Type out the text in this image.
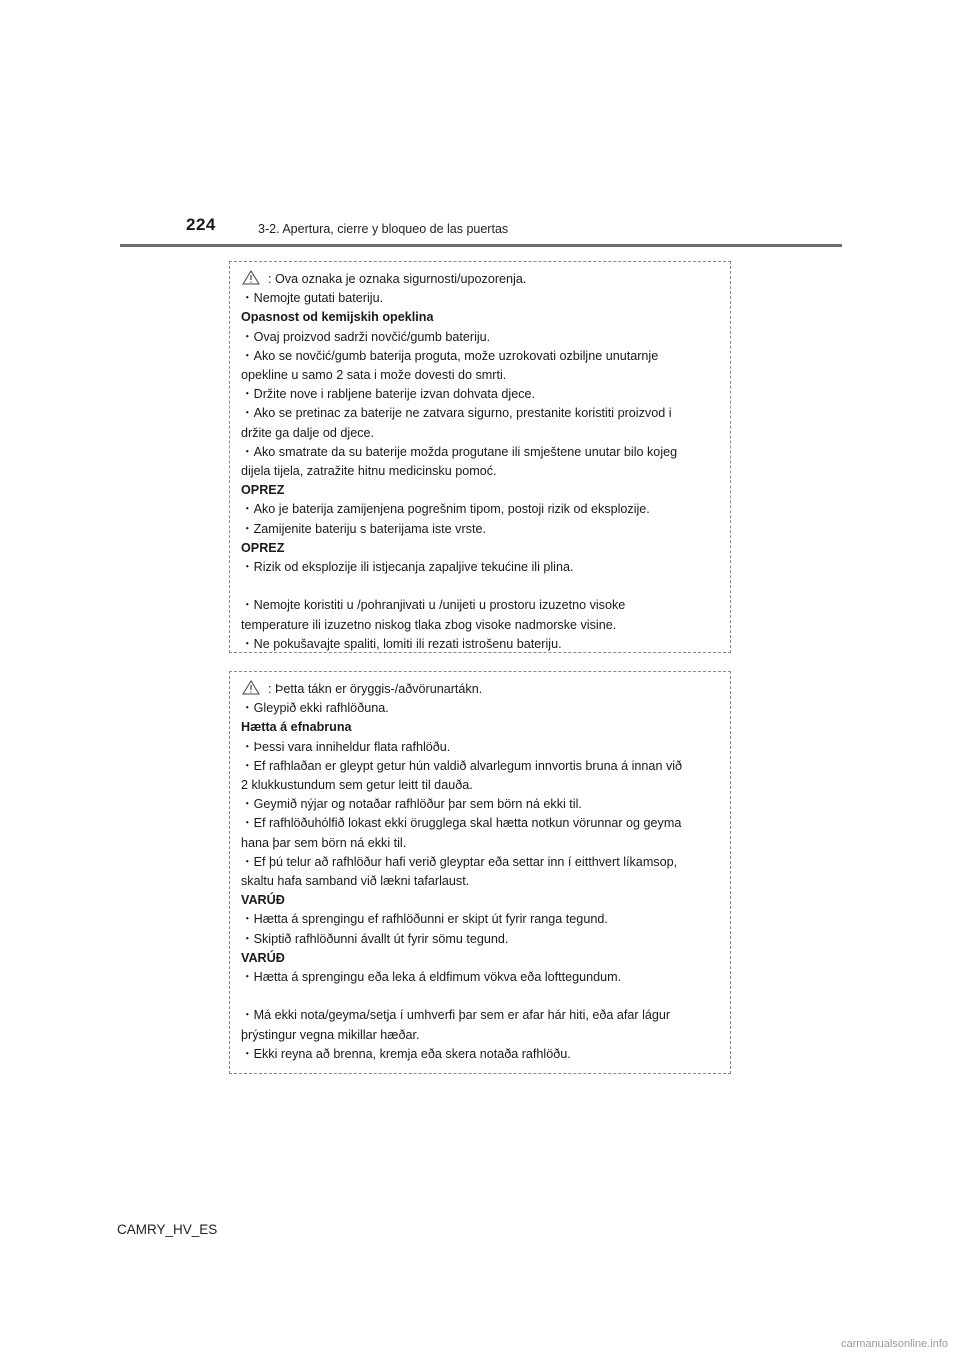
224	3-2. Apertura, cierre y bloqueo de las puertas
: Ova oznaka je oznaka sigurnosti/upozorenja.
・Nemojte gutati bateriju.
Opasnost od kemijskih opeklina
・Ovaj proizvod sadrži novčić/gumb bateriju.
・Ako se novčić/gumb baterija proguta, može uzrokovati ozbiljne unutarnje
opekline u samo 2 sata i može dovesti do smrti.
・Držite nove i rabljene baterije izvan dohvata djece.
・Ako se pretinac za baterije ne zatvara sigurno, prestanite koristiti proizvod i
držite ga dalje od djece.
・Ako smatrate da su baterije možda progutane ili smještene unutar bilo kojeg
dijela tijela, zatražite hitnu medicinsku pomoć.
OPREZ
・Ako je baterija zamijenjena pogrešnim tipom, postoji rizik od eksplozije.
・Zamijenite bateriju s baterijama iste vrste.
OPREZ
・Rizik od eksplozije ili istjecanja zapaljive tekućine ili plina.
・Nemojte koristiti u /pohranjivati u /unijeti u prostoru izuzetno visoke
temperature ili izuzetno niskog tlaka zbog visoke nadmorske visine.
・Ne pokušavajte spaliti, lomiti ili rezati istrošenu bateriju.
: Þetta tákn er öryggis-/aðvörunartákn.
・Gleypið ekki rafhlöðuna.
Hætta á efnabruna
・Þessi vara inniheldur flata rafhlöðu.
・Ef rafhlaðan er gleypt getur hún valdið alvarlegum innvortis bruna á innan við
2 klukkustundum sem getur leitt til dauða.
・Geymið nýjar og notaðar rafhlöður þar sem börn ná ekki til.
・Ef rafhlöðuhólfið lokast ekki örugglega skal hætta notkun vörunnar og geyma
hana þar sem börn ná ekki til.
・Ef þú telur að rafhlöður hafi verið gleyptar eða settar inn í eitthvert líkamsop,
skaltu hafa samband við lækni tafarlaust.
VARÚÐ
・Hætta á sprengingu ef rafhlöðunni er skipt út fyrir ranga tegund.
・Skiptið rafhlöðunni ávallt út fyrir sömu tegund.
VARÚÐ
・Hætta á sprengingu eða leka á eldfimum vökva eða lofttegundum.
・Má ekki nota/geyma/setja í umhverfi þar sem er afar hár hiti, eða afar lágur
þrýstingur vegna mikillar hæðar.
・Ekki reyna að brenna, kremja eða skera notaða rafhlöðu.
CAMRY_HV_ES
carmanualsonline.info
